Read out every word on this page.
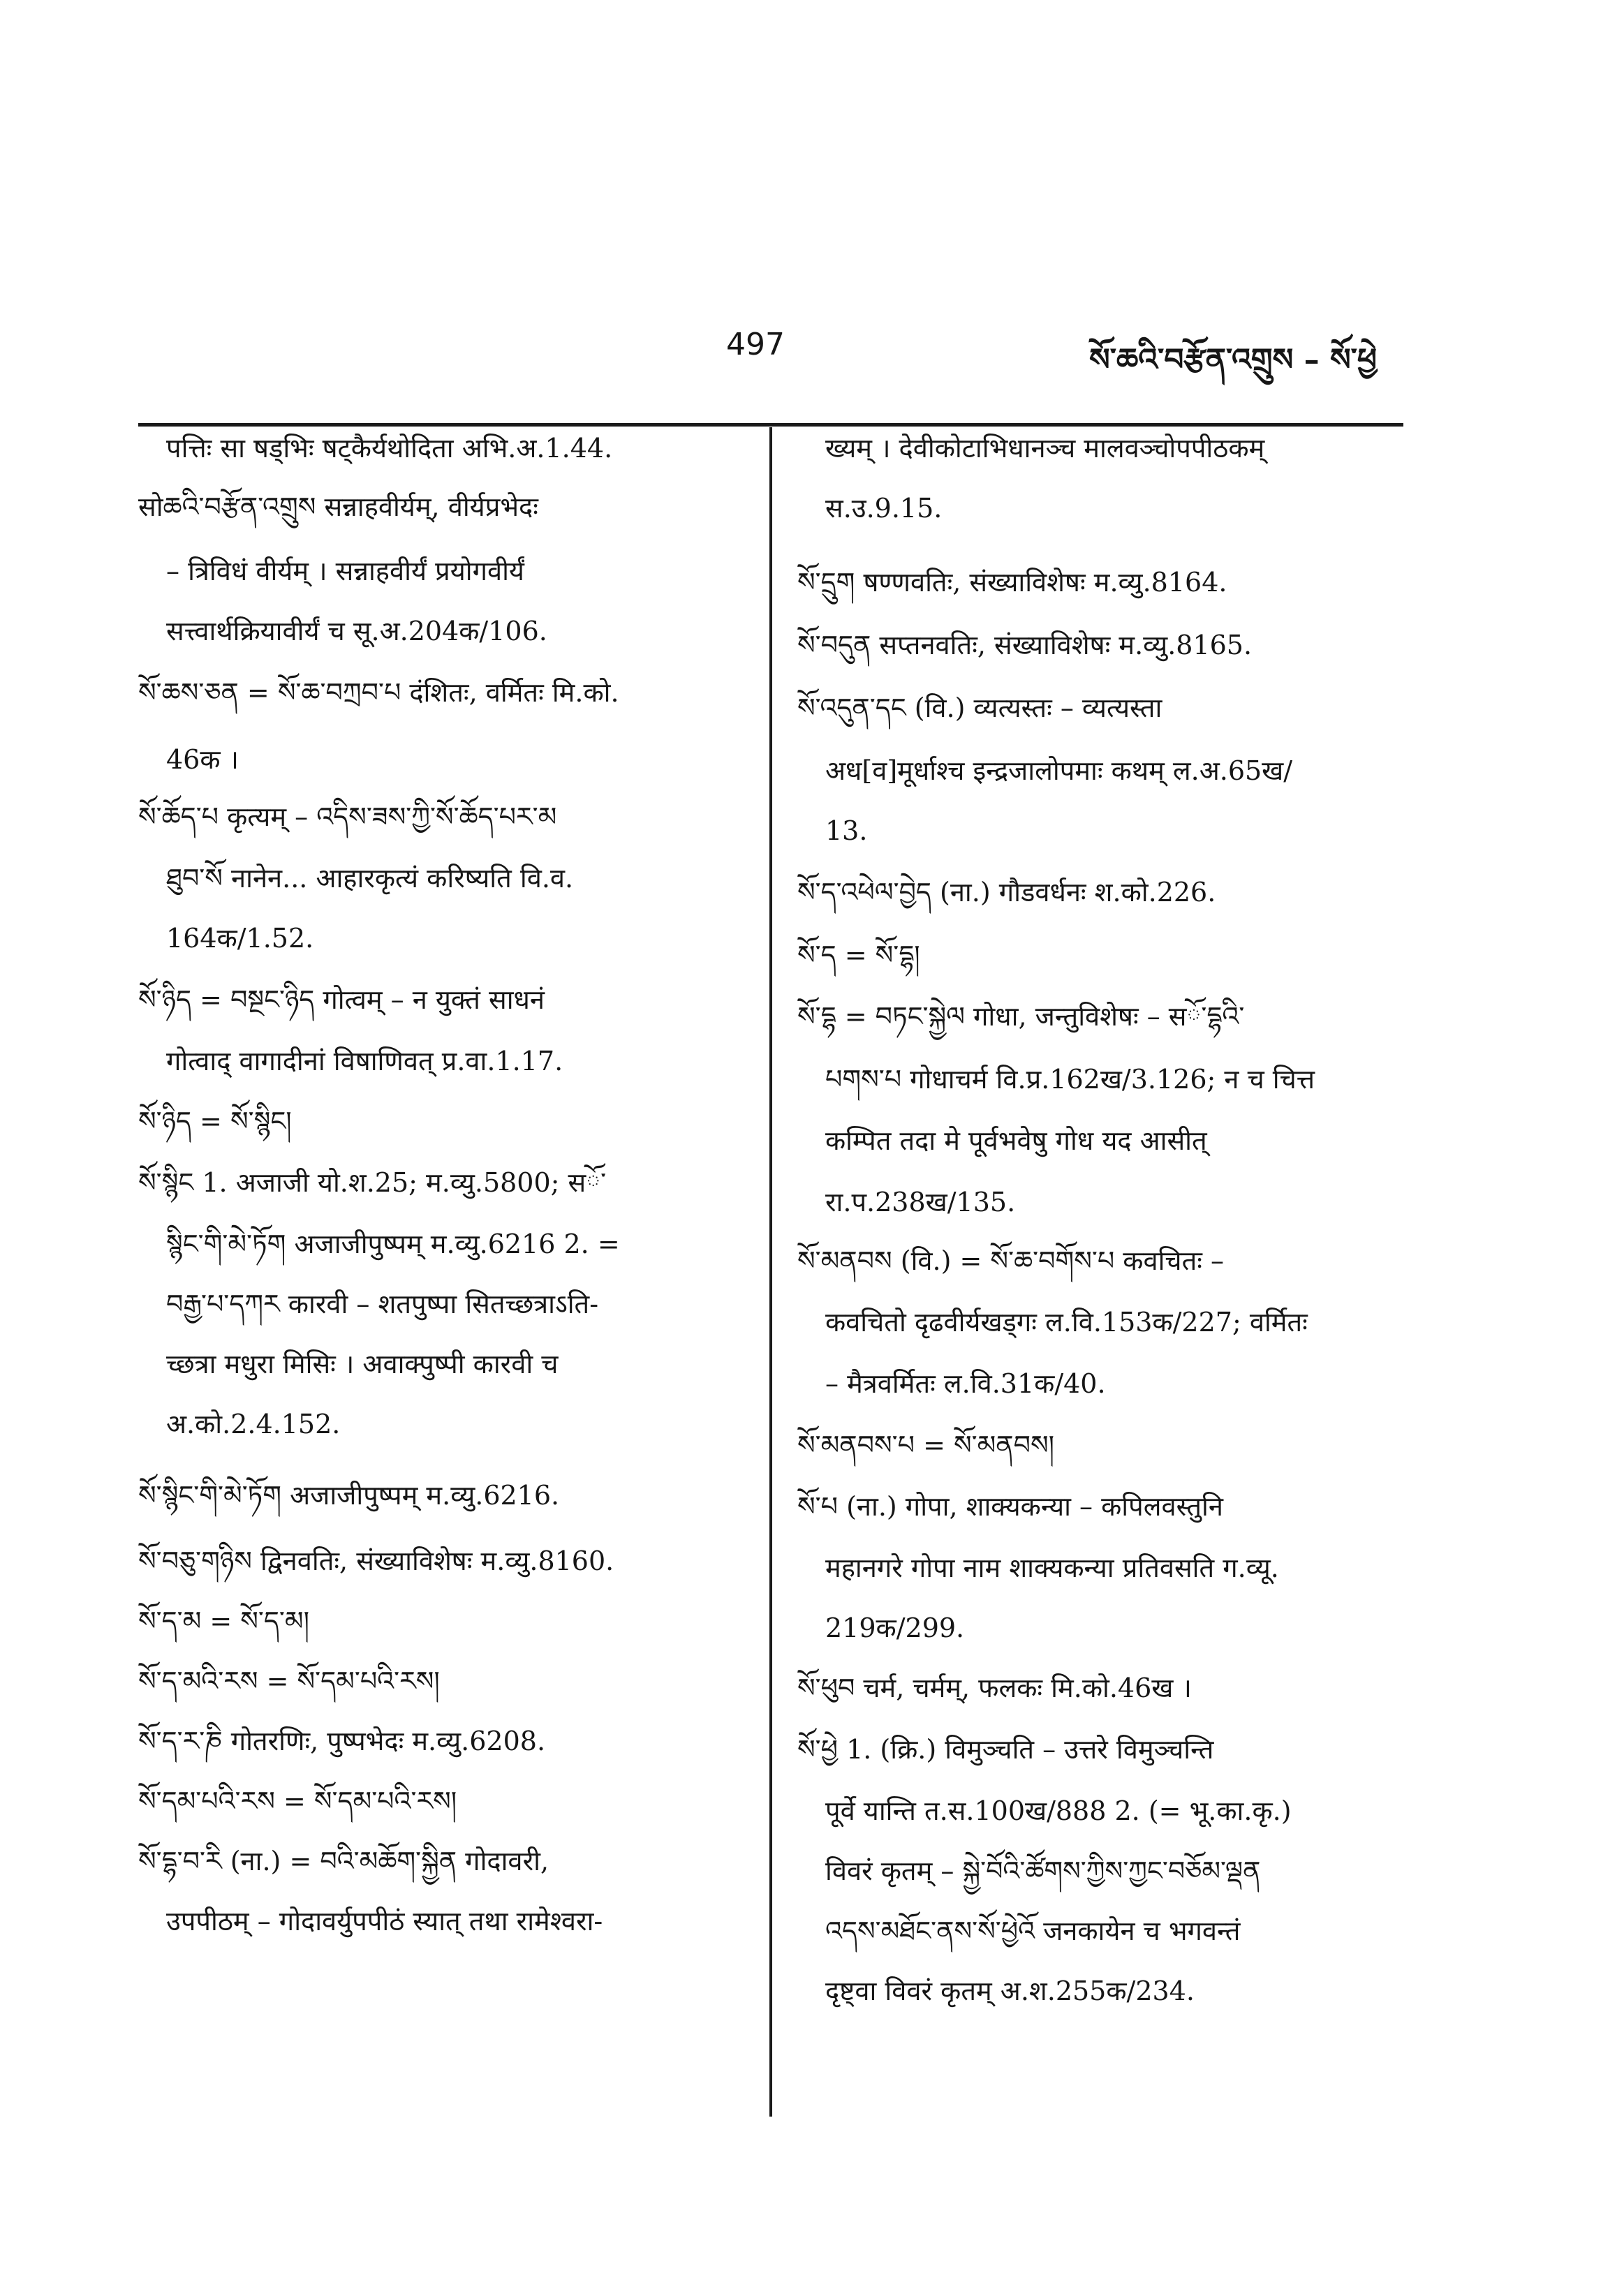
497	སོ་ཆའི་བརྩོན་འགྲུས – སོ་ཕྱེ
पत्तिः सा षड्भिः षट्कैर्यथोदिता अभि.अ.1.44.
सोཆའི་བརྩོན་འགྲུས सन्नाहवीर्यम्, वीर्यप्रभेदः
– त्रिविधं वीर्यम् । सन्नाहवीर्यं प्रयोगवीर्यं
सत्त्वार्थक्रियावीर्यं च सू.अ.204क/106.
སོ་ཆས་ཅན = སོ་ཆ་བཀྲབ་པ दंशितः, वर्मितः मि.को.
46क ।
སོ་ཆོད་པ कृत्यम् – འདིས་ཟས་ཀྱི་སོ་ཆོད་པར་མ
ཐུབ་སོ नानेन... आहारकृत्यं करिष्यति वि.व.
164क/1.52.
སོ་ཉིད = བསྔང་ཉིད गोत्वम् – न युक्तं साधनं
गोत्वाद् वागादीनां विषाणिवत् प्र.वा.1.17.
སོ་ཉིད = སོ་སྙིང།
སོ་སྙིང 1. अजाजी यो.श.25; म.व्यु.5800; सོ་
སྙིང་གི་མེ་ཏོག अजाजीपुष्पम् म.व्यु.6216 2. =
བརྒྱ་པ་དཀར कारवी – शतपुष्पा सितच्छत्राऽति-
च्छत्रा मधुरा मिसिः । अवाक्पुष्पी कारवी च
अ.को.2.4.152.
སོ་སྙིང་གི་མེ་ཏོག अजाजीपुष्पम् म.व्यु.6216.
སོ་བཅུ་གཉིས द्विनवतिः, संख्याविशेषः म.व्यु.8160.
སོ་ད་མ = སོ་ད་མ།
སོ་ད་མའི་རས = སོ་དམ་པའི་རས།
སོ་ད་ར་ཎི गोतरणिः, पुष्पभेदः म.व्यु.6208.
སོ་དམ་པའི་རས = སོ་དམ་པའི་རས།
སོ་དྷ་བ་རི (ना.) = བའི་མཆོག་སྐྱིན गोदावरी,
उपपीठम् – गोदावर्युपपीठं स्यात् तथा रामेश्वरा-
ख्यम् । देवीकोटाभिधानञ्च मालवञ्चोपपीठकम्
स.उ.9.15.
སོ་དྲུག षण्णवतिः, संख्याविशेषः म.व्यु.8164.
སོ་བདུན सप्तनवतिः, संख्याविशेषः म.व्यु.8165.
སོ་འདུན་དང (वि.) व्यत्यस्तः – व्यत्यस्ता
अध[व]मूर्धाश्च इन्द्रजालोपमाः कथम् ल.अ.65ख/
13.
སོ་ད་འཕེལ་བྱེད (ना.) गौडवर्धनः श.को.226.
སོ་ད = སོ་དྷ།
སོ་དྷ = བཏང་སྐྱེལ गोधा, जन्तुविशेषः – सོ་དྷའི་
པགས་པ गोधाचर्म वि.प्र.162ख/3.126; न च चित्त
कम्पित तदा मे पूर्वभवेषु गोध यद आसीत्
रा.प.238ख/135.
སོ་མནབས (वि.) = སོ་ཆ་བགོས་པ कवचितः –
कवचितो दृढवीर्यखड्गः ल.वि.153क/227; वर्मितः
– मैत्रवर्मितः ल.वि.31क/40.
སོ་མནབས་པ = སོ་མནབས།
སོ་པ (ना.) गोपा, शाक्यकन्या – कपिलवस्तुनि
महानगरे गोपा नाम शाक्यकन्या प्रतिवसति ग.व्यू.
219क/299.
སོ་ཕུབ चर्म, चर्मम्, फलकः मि.को.46ख ।
སོ་ཕྱེ 1. (क्रि.) विमुञ्चति – उत्तरे विमुञ्चन्ति
पूर्वे यान्ति त.स.100ख/888 2. (= भू.का.कृ.)
विवरं कृतम् – སྐྱེ་བོའི་ཚོགས་ཀྱིས་ཀྱང་བཅོམ་ལྡན
འདས་མཐོང་ནས་སོ་ཕྱེའོ जनकायेन च भगवन्तं
दृष्ट्वा विवरं कृतम् अ.श.255क/234.
